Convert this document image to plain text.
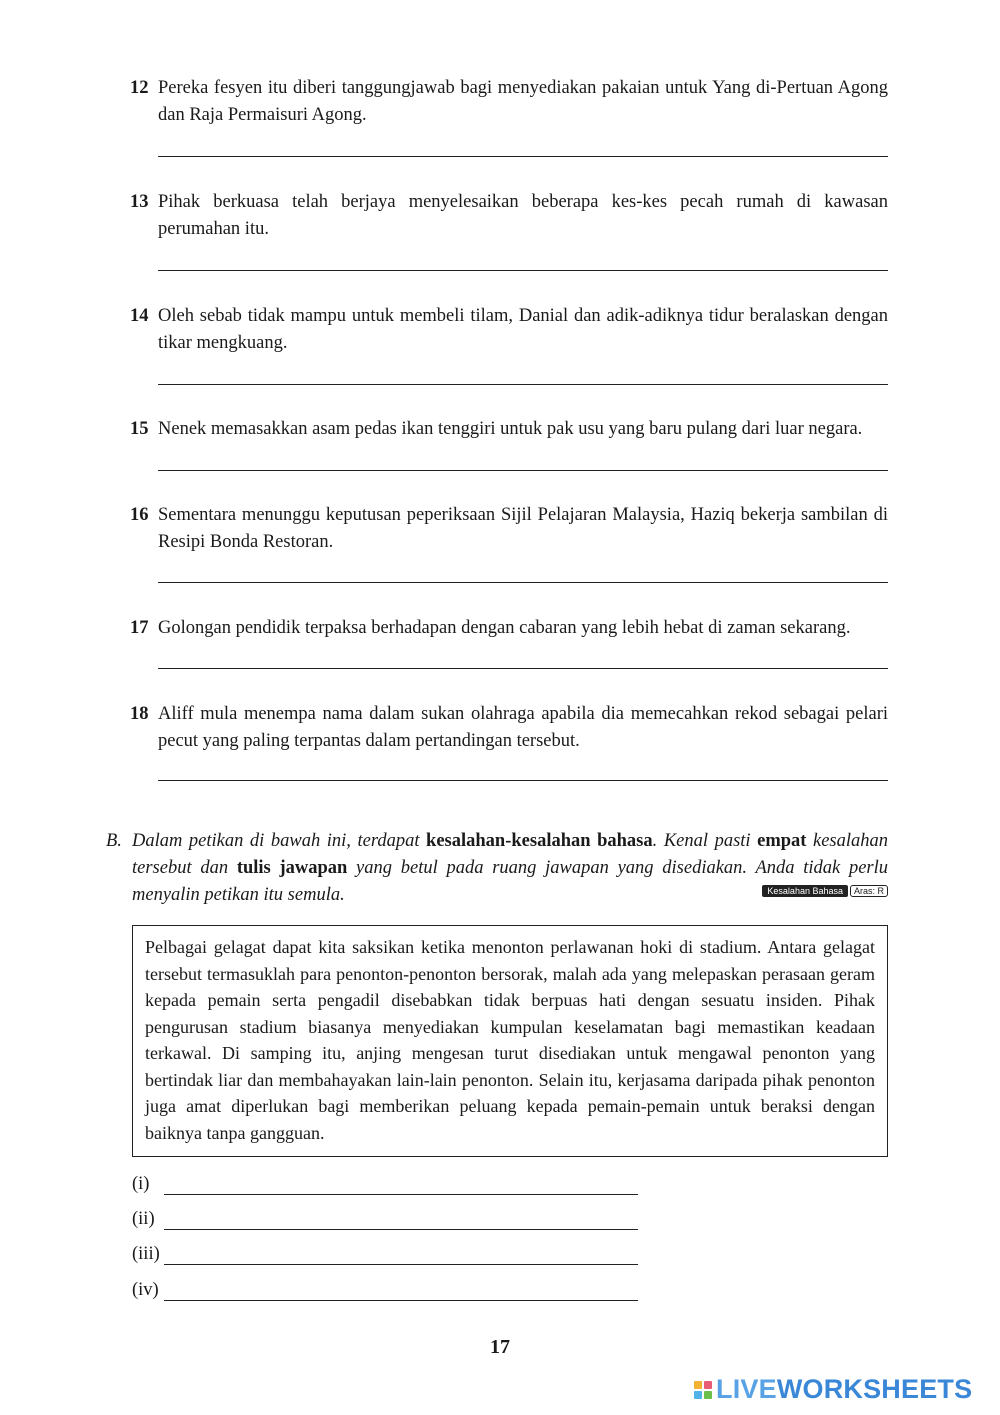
12 Pereka fesyen itu diberi tanggungjawab bagi menyediakan pakaian untuk Yang di-Pertuan Agong dan Raja Permaisuri Agong.
13 Pihak berkuasa telah berjaya menyelesaikan beberapa kes-kes pecah rumah di kawasan perumahan itu.
14 Oleh sebab tidak mampu untuk membeli tilam, Danial dan adik-adiknya tidur beralaskan dengan tikar mengkuang.
15 Nenek memasakkan asam pedas ikan tenggiri untuk pak usu yang baru pulang dari luar negara.
16 Sementara menunggu keputusan peperiksaan Sijil Pelajaran Malaysia, Haziq bekerja sambilan di Resipi Bonda Restoran.
17 Golongan pendidik terpaksa berhadapan dengan cabaran yang lebih hebat di zaman sekarang.
18 Aliff mula menempa nama dalam sukan olahraga apabila dia memecahkan rekod sebagai pelari pecut yang paling terpantas dalam pertandingan tersebut.
B. Dalam petikan di bawah ini, terdapat kesalahan-kesalahan bahasa. Kenal pasti empat kesalahan tersebut dan tulis jawapan yang betul pada ruang jawapan yang disediakan. Anda tidak perlu menyalin petikan itu semula.	Kesalahan Bahasa	Aras: R
Pelbagai gelagat dapat kita saksikan ketika menonton perlawanan hoki di stadium. Antara gelagat tersebut termasuklah para penonton-penonton bersorak, malah ada yang melepaskan perasaan geram kepada pemain serta pengadil disebabkan tidak berpuas hati dengan sesuatu insiden. Pihak pengurusan stadium biasanya menyediakan kumpulan keselamatan bagi memastikan keadaan terkawal. Di samping itu, anjing mengesan turut disediakan untuk mengawal penonton yang bertindak liar dan membahayakan lain-lain penonton. Selain itu, kerjasama daripada pihak penonton juga amat diperlukan bagi memberikan peluang kepada pemain-pemain untuk beraksi dengan baiknya tanpa gangguan.
(i)
(ii)
(iii)
(iv)
17
LIVE WORKSHEETS
